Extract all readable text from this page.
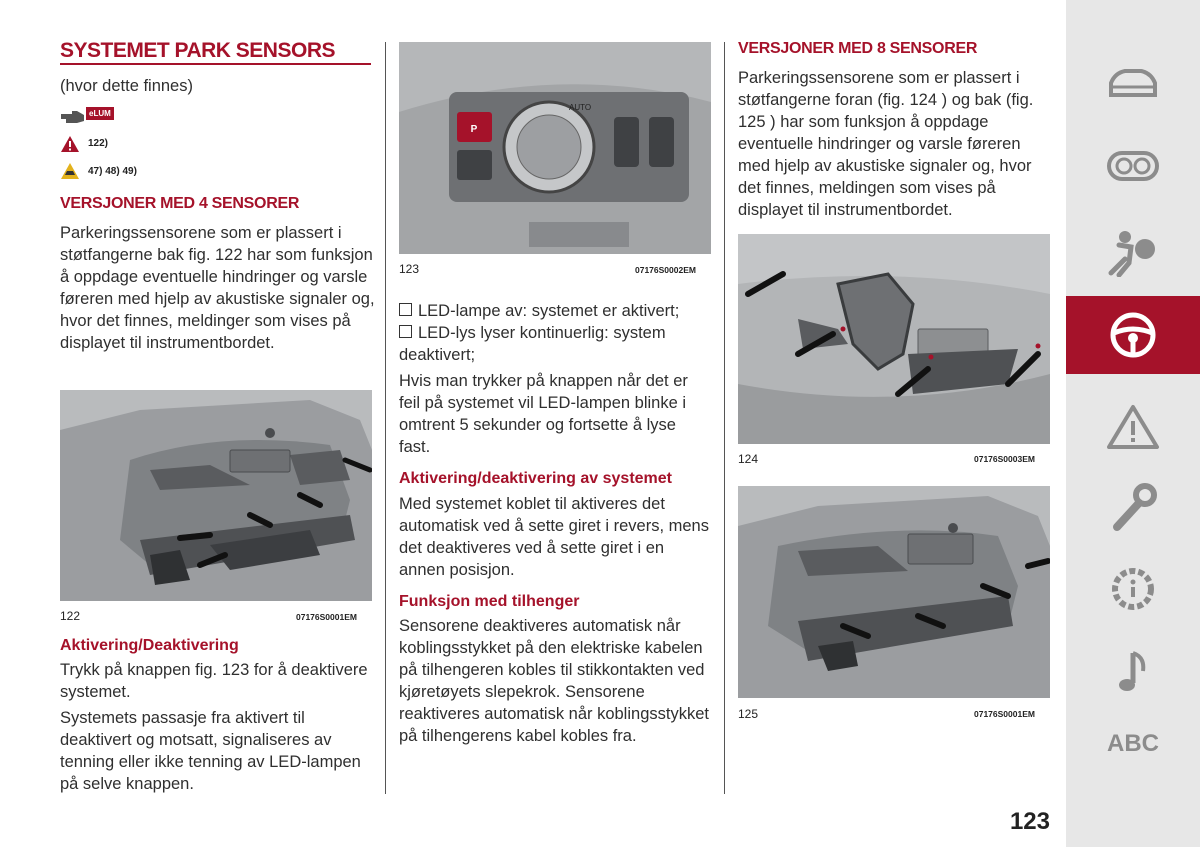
SYSTEMET PARK SENSORS
(hvor dette finnes)
eLUM
122)
47) 48) 49)
VERSJONER MED 4 SENSORER
Parkeringssensorene som er plassert i støtfangerne bak fig. 122 har som funksjon å oppdage eventuelle hindringer og varsle føreren med hjelp av akustiske signaler og, hvor det finnes, meldinger som vises på displayet til instrumentbordet.
122	07176S0001EM
Aktivering/Deaktivering
Trykk på knappen fig. 123 for å deaktivere systemet.
Systemets passasje fra aktivert til deaktivert og motsatt, signaliseres av tenning eller ikke tenning av LED-lampen på selve knappen.
P
AUTO
123	07176S0002EM
LED-lampe av: systemet er aktivert;
LED-lys lyser kontinuerlig: system deaktivert;
Hvis man trykker på knappen når det er feil på systemet vil LED-lampen blinke i omtrent 5 sekunder og fortsette å lyse fast.
Aktivering/deaktivering av systemet
Med systemet koblet til aktiveres det automatisk ved å sette giret i revers, mens det deaktiveres ved å sette giret i en annen posisjon.
Funksjon med tilhenger
Sensorene deaktiveres automatisk når koblingsstykket på den elektriske kabelen på tilhengeren kobles til stikkontakten ved kjøretøyets slepekrok. Sensorene reaktiveres automatisk når koblingsstykket på tilhengerens kabel kobles fra.
VERSJONER MED 8 SENSORER
Parkeringssensorene som er plassert i støtfangerne foran (fig. 124 ) og bak (fig. 125 ) har som funksjon å oppdage eventuelle hindringer og varsle føreren med hjelp av akustiske signaler og, hvor det finnes, meldingen som vises på displayet til instrumentbordet.
124	07176S0003EM
125	07176S0001EM
123
ABC
